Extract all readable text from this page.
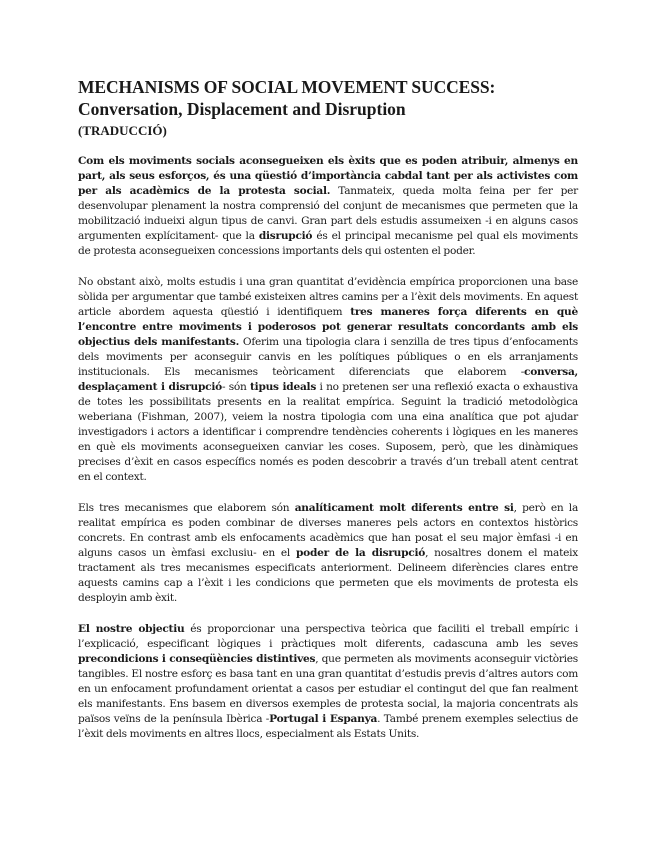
MECHANISMS OF SOCIAL MOVEMENT SUCCESS:
Conversation, Displacement and Disruption
(TRADUCCIÓ)

Com els moviments socials aconsegueixen els èxits que es poden atribuir, almenys en part, als seus esforços, és una qüestió d’importància cabdal tant per als activistes com per als acadèmics de la protesta social. Tanmateix, queda molta feina per fer per desenvolupar plenament la nostra comprensió del conjunt de mecanismes que permeten que la mobilització indueixi algun tipus de canvi. Gran part dels estudis assumeixen -i en alguns casos argumenten explícitament- que la disrupció és el principal mecanisme pel qual els moviments de protesta aconsegueixen concessions importants dels qui ostenten el poder.

No obstant això, molts estudis i una gran quantitat d’evidència empírica proporcionen una base sòlida per argumentar que també existeixen altres camins per a l’èxit dels moviments. En aquest article abordem aquesta qüestió i identifiquem tres maneres força diferents en què l’encontre entre moviments i poderosos pot generar resultats concordants amb els objectius dels manifestants. Oferim una tipologia clara i senzilla de tres tipus d’enfocaments dels moviments per aconseguir canvis en les polítiques públiques o en els arranjaments institucionals. Els mecanismes teòricament diferenciats que elaborem -conversa, desplaçament i disrupció- són tipus ideals i no pretenen ser una reflexió exacta o exhaustiva de totes les possibilitats presents en la realitat empírica. Seguint la tradició metodològica weberiana (Fishman, 2007), veiem la nostra tipologia com una eina analítica que pot ajudar investigadors i actors a identificar i comprendre tendències coherents i lògiques en les maneres en què els moviments aconsegueixen canviar les coses. Suposem, però, que les dinàmiques precises d’èxit en casos específics només es poden descobrir a través d’un treball atent centrat en el context.

Els tres mecanismes que elaborem són analíticament molt diferents entre si, però en la realitat empírica es poden combinar de diverses maneres pels actors en contextos històrics concrets. En contrast amb els enfocaments acadèmics que han posat el seu major èmfasi -i en alguns casos un èmfasi exclusiu- en el poder de la disrupció, nosaltres donem el mateix tractament als tres mecanismes especificats anteriorment. Delineem diferències clares entre aquests camins cap a l’èxit i les condicions que permeten que els moviments de protesta els desployin amb èxit.

El nostre objectiu és proporcionar una perspectiva teòrica que faciliti el treball empíric i l’explicació, especificant lògiques i pràctiques molt diferents, cadascuna amb les seves precondicions i conseqüències distintives, que permeten als moviments aconseguir victòries tangibles. El nostre esforç es basa tant en una gran quantitat d’estudis previs d’altres autors com en un enfocament profundament orientat a casos per estudiar el contingut del que fan realment els manifestants. Ens basem en diversos exemples de protesta social, la majoria concentrats als països veïns de la península Ibèrica -Portugal i Espanya. També prenem exemples selectius de l’èxit dels moviments en altres llocs, especialment als Estats Units.
